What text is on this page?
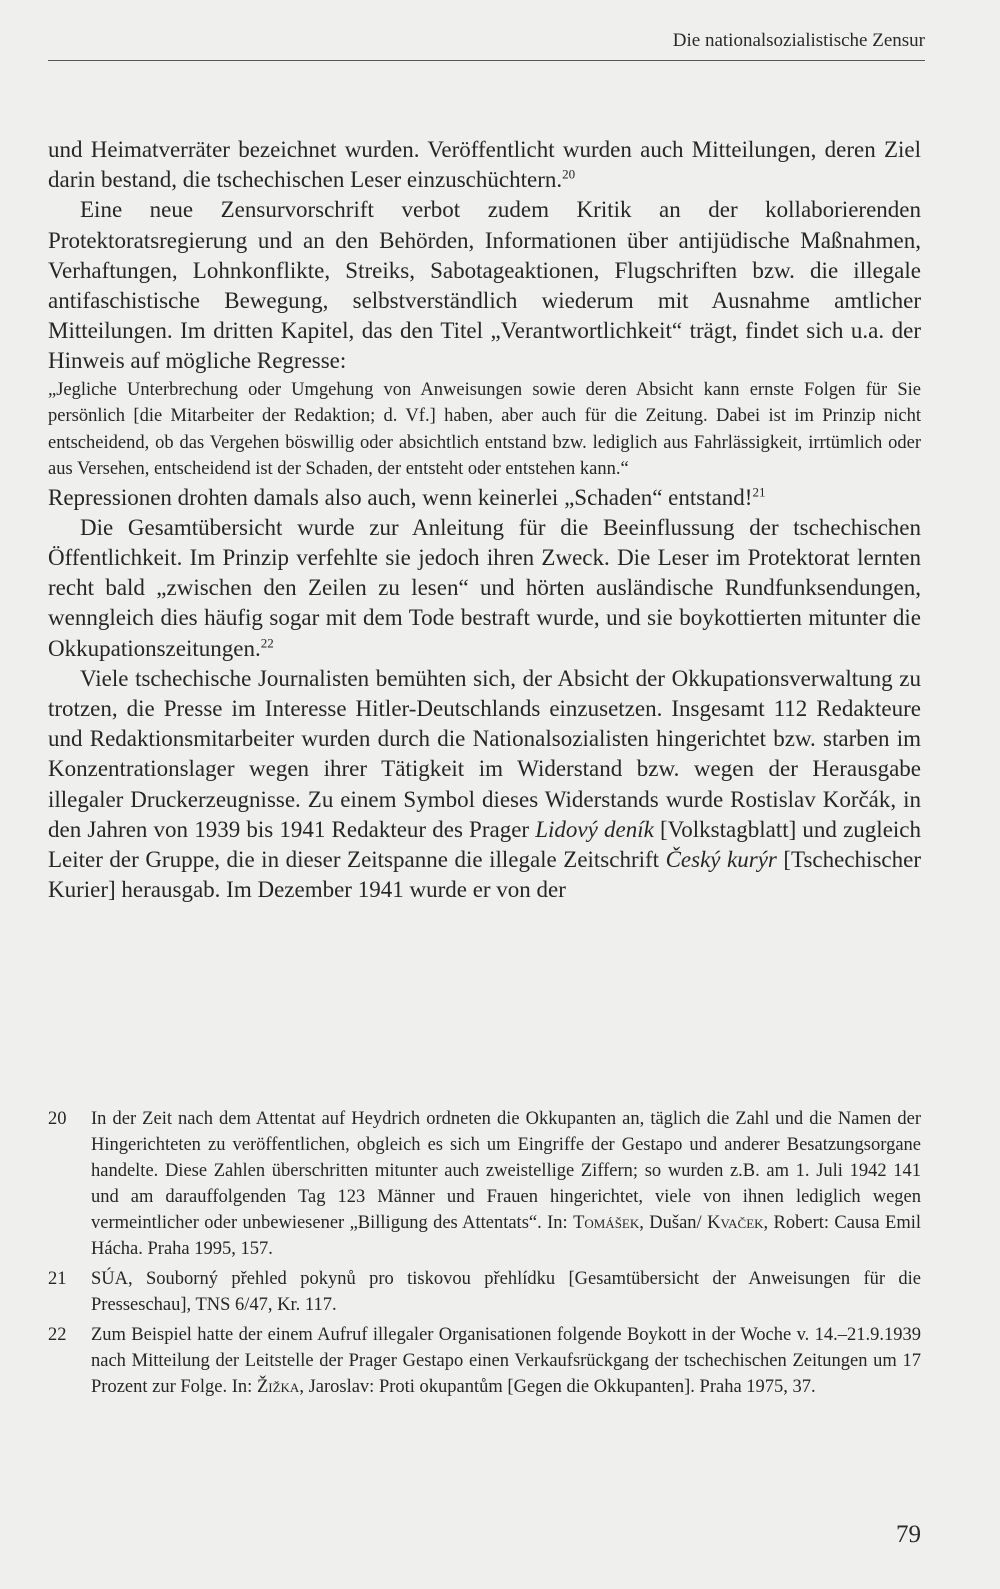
Die nationalsozialistische Zensur

und Heimatverräter bezeichnet wurden. Veröffentlicht wurden auch Mitteilungen, deren Ziel darin bestand, die tschechischen Leser einzuschüchtern.$^{20}$

Eine neue Zensurvorschrift verbot zudem Kritik an der kollaborierenden Protektoratsregierung und an den Behörden, Informationen über antijüdische Maßnahmen, Verhaftungen, Lohnkonflikte, Streiks, Sabotageaktionen, Flugschriften bzw. die illegale antifaschistische Bewegung, selbstverständlich wiederum mit Ausnahme amtlicher Mitteilungen. Im dritten Kapitel, das den Titel „Verantwortlichkeit“ trägt, findet sich u.a. der Hinweis auf mögliche Regresse:

„Jegliche Unterbrechung oder Umgehung von Anweisungen sowie deren Absicht kann ernste Folgen für Sie persönlich [die Mitarbeiter der Redaktion; d. Vf.] haben, aber auch für die Zeitung. Dabei ist im Prinzip nicht entscheidend, ob das Vergehen böswillig oder absichtlich entstand bzw. lediglich aus Fahrlässigkeit, irrtümlich oder aus Versehen, entscheidend ist der Schaden, der entsteht oder entstehen kann.“

Repressionen drohten damals also auch, wenn keinerlei „Schaden“ entstand!$^{21}$

Die Gesamtübersicht wurde zur Anleitung für die Beeinflussung der tschechischen Öffentlichkeit. Im Prinzip verfehlte sie jedoch ihren Zweck. Die Leser im Protektorat lernten recht bald „zwischen den Zeilen zu lesen“ und hörten ausländische Rundfunksendungen, wenngleich dies häufig sogar mit dem Tode bestraft wurde, und sie boykottierten mitunter die Okkupationszeitungen.$^{22}$

Viele tschechische Journalisten bemühten sich, der Absicht der Okkupationsverwaltung zu trotzen, die Presse im Interesse Hitler-Deutschlands einzusetzen. Insgesamt 112 Redakteure und Redaktionsmitarbeiter wurden durch die Nationalsozialisten hingerichtet bzw. starben im Konzentrationslager wegen ihrer Tätigkeit im Widerstand bzw. wegen der Herausgabe illegaler Druckerzeugnisse. Zu einem Symbol dieses Widerstands wurde Rostislav Korčák, in den Jahren von 1939 bis 1941 Redakteur des Prager Lidový deník [Volkstagblatt] und zugleich Leiter der Gruppe, die in dieser Zeitspanne die illegale Zeitschrift Český kurýr [Tschechischer Kurier] herausgab. Im Dezember 1941 wurde er von der

20	In der Zeit nach dem Attentat auf Heydrich ordneten die Okkupanten an, täglich die Zahl und die Namen der Hingerichteten zu veröffentlichen, obgleich es sich um Eingriffe der Gestapo und anderer Besatzungsorgane handelte. Diese Zahlen überschritten mitunter auch zweistellige Ziffern; so wurden z.B. am 1. Juli 1942 141 und am darauffolgenden Tag 123 Männer und Frauen hingerichtet, viele von ihnen lediglich wegen vermeintlicher oder unbewiesener „Billigung des Attentats“. In: Tomášek, Dušan/ Kvaček, Robert: Causa Emil Hácha. Praha 1995, 157.
21	SÚA, Souborný přehled pokynů pro tiskovou přehlídku [Gesamtübersicht der Anweisungen für die Presseschau], TNS 6/47, Kr. 117.
22	Zum Beispiel hatte der einem Aufruf illegaler Organisationen folgende Boykott in der Woche v. 14.–21.9.1939 nach Mitteilung der Leitstelle der Prager Gestapo einen Verkaufsrückgang der tschechischen Zeitungen um 17 Prozent zur Folge. In: Žižka, Jaroslav: Proti okupantům [Gegen die Okkupanten]. Praha 1975, 37.
79
